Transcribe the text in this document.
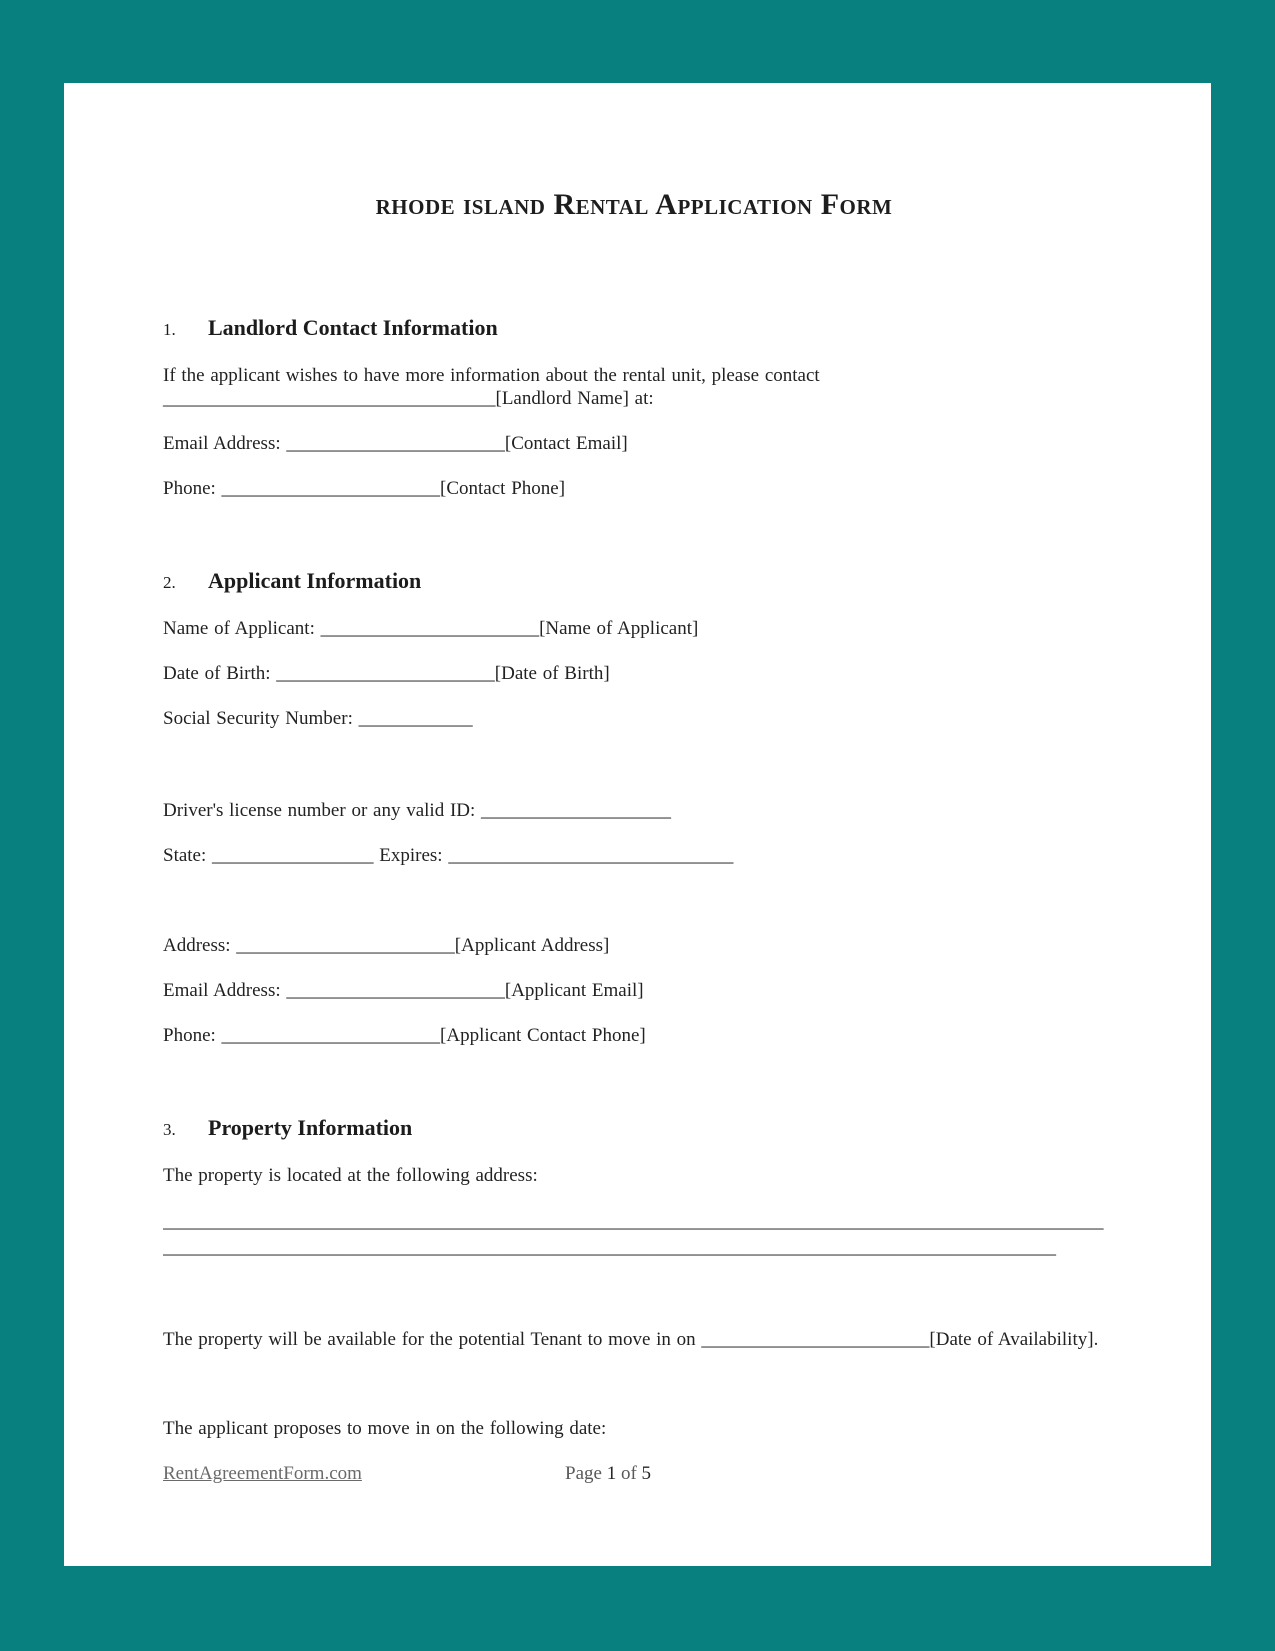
rhode island Rental Application Form
1. Landlord Contact Information

If the applicant wishes to have more information about the rental unit, please contact ___________________________________[Landlord Name] at:

Email Address: _______________________[Contact Email]

Phone: _______________________[Contact Phone]

2. Applicant Information

Name of Applicant: _______________________[Name of Applicant]

Date of Birth: _______________________[Date of Birth]

Social Security Number: ____________

Driver's license number or any valid ID: ____________________

State: _________________ Expires: ______________________________

Address: _______________________[Applicant Address]

Email Address: _______________________[Applicant Email]

Phone: _______________________[Applicant Contact Phone]

3. Property Information

The property is located at the following address:

___________________________________________________________________________________________________
______________________________________________________________________________________________

The property will be available for the potential Tenant to move in on ________________________[Date of Availability].

The applicant proposes to move in on the following date:

RentAgreementForm.com	Page 1 of 5
